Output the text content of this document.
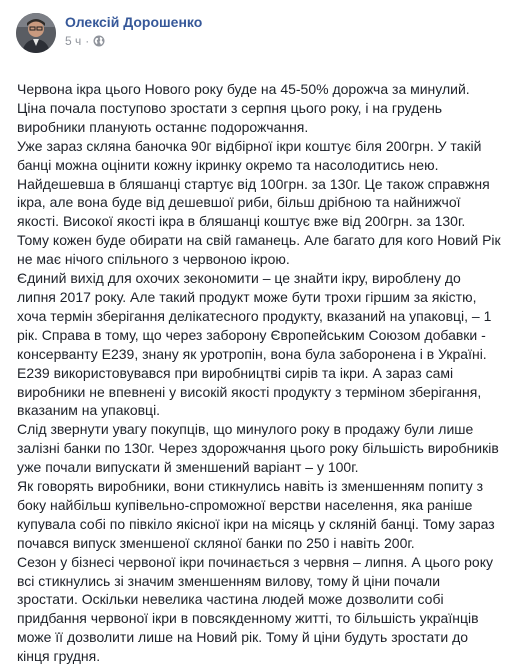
Олексій Дорошенко
5 ч ·

Червона ікра цього Нового року буде на 45-50% дорожча за минулий. Ціна почала поступово зростати з серпня цього року, і на грудень виробники планують останнє подорожчання.

Уже зараз скляна баночка 90г відбірної ікри коштує біля 200грн. У такій банці можна оцінити кожну ікринку окремо та насолодитись нею.

Найдешевша в бляшанці стартує від 100грн. за 130г. Це також справжня ікра, але вона буде від дешевшої риби, більш дрібною та найнижчої якості. Високої якості ікра в бляшанці коштує вже від 200грн. за 130г. Тому кожен буде обирати на свій гаманець. Але багато для кого Новий Рік не має нічого спільного з червоною ікрою.

Єдиний вихід для охочих зекономити – це знайти ікру, вироблену до липня 2017 року. Але такий продукт може бути трохи гіршим за якістю, хоча термін зберігання делікатесного продукту, вказаний на упаковці, – 1 рік. Справа в тому, що через заборону Європейським Союзом добавки - консерванту Е239, знану як уротропін, вона була заборонена і в Україні. Е239 використовувався при виробництві сирів та ікри. А зараз самі виробники не впевнені у високій якості продукту з терміном зберігання, вказаним на упаковці.

Слід звернути увагу покупців, що минулого року в продажу були лише залізні банки по 130г. Через здорожчання цього року більшість виробників уже почали випускати й зменшений варіант – у 100г.

Як говорять виробники, вони стикнулись навіть із зменшенням попиту з боку найбільш купівельно-спроможної верстви населення, яка раніше купувала собі по півкіло якісної ікри на місяць у скляній банці. Тому зараз почався випуск зменшеної скляної банки по 250 і навіть 200г.

Сезон у бізнесі червоної ікри починається з червня – липня. А цього року всі стикнулись зі значим зменшенням вилову, тому й ціни почали зростати. Оскільки невелика частина людей може дозволити собі придбання червоної ікри в повсякденному житті, то більшість українців може її дозволити лише на Новий рік. Тому й ціни будуть зростати до кінця грудня.
